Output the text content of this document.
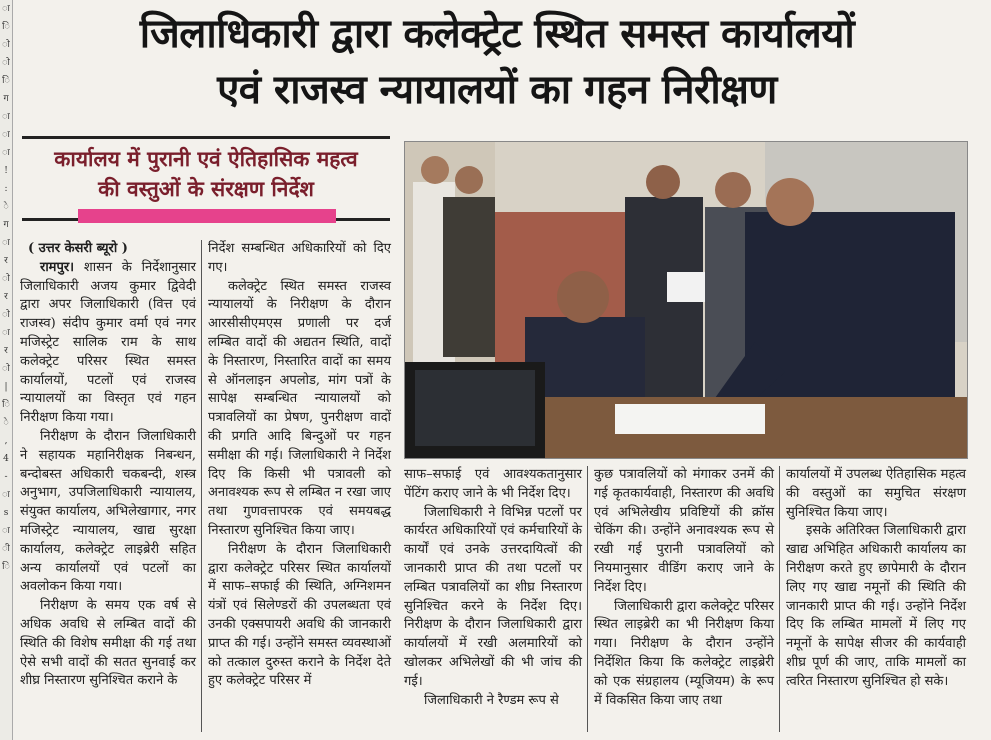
ा
ि
ो
ो
ि
ग
ा
ा
ा
!
:
े
ग
ा
र
ो
र
ो
ा
र
ो
|
ि
े
,
4
-
ा
s
ा
ी
ि
जिलाधिकारी द्वारा कलेक्ट्रेट स्थित समस्त कार्यालयों
एवं राजस्व न्यायालयों का गहन निरीक्षण
कार्यालय में पुरानी एवं ऐतिहासिक महत्व
की वस्तुओं के संरक्षण निर्देश
( उत्तर केसरी ब्यूरो )

रामपुर। शासन के निर्देशानुसार जिलाधिकारी अजय कुमार द्विवेदी द्वारा अपर जिलाधिकारी (वित्त एवं राजस्व) संदीप कुमार वर्मा एवं नगर मजिस्ट्रेट सालिक राम के साथ कलेक्ट्रेट परिसर स्थित समस्त कार्यालयों, पटलों एवं राजस्व न्यायालयों का विस्तृत एवं गहन निरीक्षण किया गया।

निरीक्षण के दौरान जिलाधिकारी ने सहायक महानिरीक्षक निबन्धन, बन्दोबस्त अधिकारी चकबन्दी, शस्त्र अनुभाग, उपजिलाधिकारी न्यायालय, संयुक्त कार्यालय, अभिलेखागार, नगर मजिस्ट्रेट न्यायालय, खाद्य सुरक्षा कार्यालय, कलेक्ट्रेट लाइब्रेरी सहित अन्य कार्यालयों एवं पटलों का अवलोकन किया गया।

निरीक्षण के समय एक वर्ष से अधिक अवधि से लम्बित वादों की स्थिति की विशेष समीक्षा की गई तथा ऐसे सभी वादों की सतत सुनवाई कर शीघ्र निस्तारण सुनिश्चित कराने के

निर्देश सम्बन्धित अधिकारियों को दिए गए।

कलेक्ट्रेट स्थित समस्त राजस्व न्यायालयों के निरीक्षण के दौरान आरसीसीएमएस प्रणाली पर दर्ज लम्बित वादों की अद्यतन स्थिति, वादों के निस्तारण, निस्तारित वादों का समय से ऑनलाइन अपलोड, मांग पत्रों के सापेक्ष सम्बन्धित न्यायालयों को पत्रावलियों का प्रेषण, पुनरीक्षण वादों की प्रगति आदि बिन्दुओं पर गहन समीक्षा की गई। जिलाधिकारी ने निर्देश दिए कि किसी भी पत्रावली को अनावश्यक रूप से लम्बित न रखा जाए तथा गुणवत्तापरक एवं समयबद्ध निस्तारण सुनिश्चित किया जाए।

निरीक्षण के दौरान जिलाधिकारी द्वारा कलेक्ट्रेट परिसर स्थित कार्यालयों में साफ–सफाई की स्थिति, अग्निशमन यंत्रों एवं सिलेण्डरों की उपलब्धता एवं उनकी एक्सपायरी अवधि की जानकारी प्राप्त की गई। उन्होंने समस्त व्यवस्थाओं को तत्काल दुरुस्त कराने के निर्देश देते हुए कलेक्ट्रेट परिसर में

साफ–सफाई एवं आवश्यकतानुसार पेंटिंग कराए जाने के भी निर्देश दिए।

जिलाधिकारी ने विभिन्न पटलों पर कार्यरत अधिकारियों एवं कर्मचारियों के कार्यों एवं उनके उत्तरदायित्वों की जानकारी प्राप्त की तथा पटलों पर लम्बित पत्रावलियों का शीघ्र निस्तारण सुनिश्चित करने के निर्देश दिए। निरीक्षण के दौरान जिलाधिकारी द्वारा कार्यालयों में रखी अलमारियों को खोलकर अभिलेखों की भी जांच की गई।

जिलाधिकारी ने रैण्डम रूप से

कुछ पत्रावलियों को मंगाकर उनमें की गई कृतकार्यवाही, निस्तारण की अवधि एवं अभिलेखीय प्रविष्टियों की क्रॉस चेकिंग की। उन्होंने अनावश्यक रूप से रखी गई पुरानी पत्रावलियों को नियमानुसार वीडिंग कराए जाने के निर्देश दिए।

जिलाधिकारी द्वारा कलेक्ट्रेट परिसर स्थित लाइब्रेरी का भी निरीक्षण किया गया। निरीक्षण के दौरान उन्होंने निर्देशित किया कि कलेक्ट्रेट लाइब्रेरी को एक संग्रहालय (म्यूजियम) के रूप में विकसित किया जाए तथा

कार्यालयों में उपलब्ध ऐतिहासिक महत्व की वस्तुओं का समुचित संरक्षण सुनिश्चित किया जाए।

इसके अतिरिक्त जिलाधिकारी द्वारा खाद्य अभिहित अधिकारी कार्यालय का निरीक्षण करते हुए छापेमारी के दौरान लिए गए खाद्य नमूनों की स्थिति की जानकारी प्राप्त की गई। उन्होंने निर्देश दिए कि लम्बित मामलों में लिए गए नमूनों के सापेक्ष सीजर की कार्यवाही शीघ्र पूर्ण की जाए, ताकि मामलों का त्वरित निस्तारण सुनिश्चित हो सके।
